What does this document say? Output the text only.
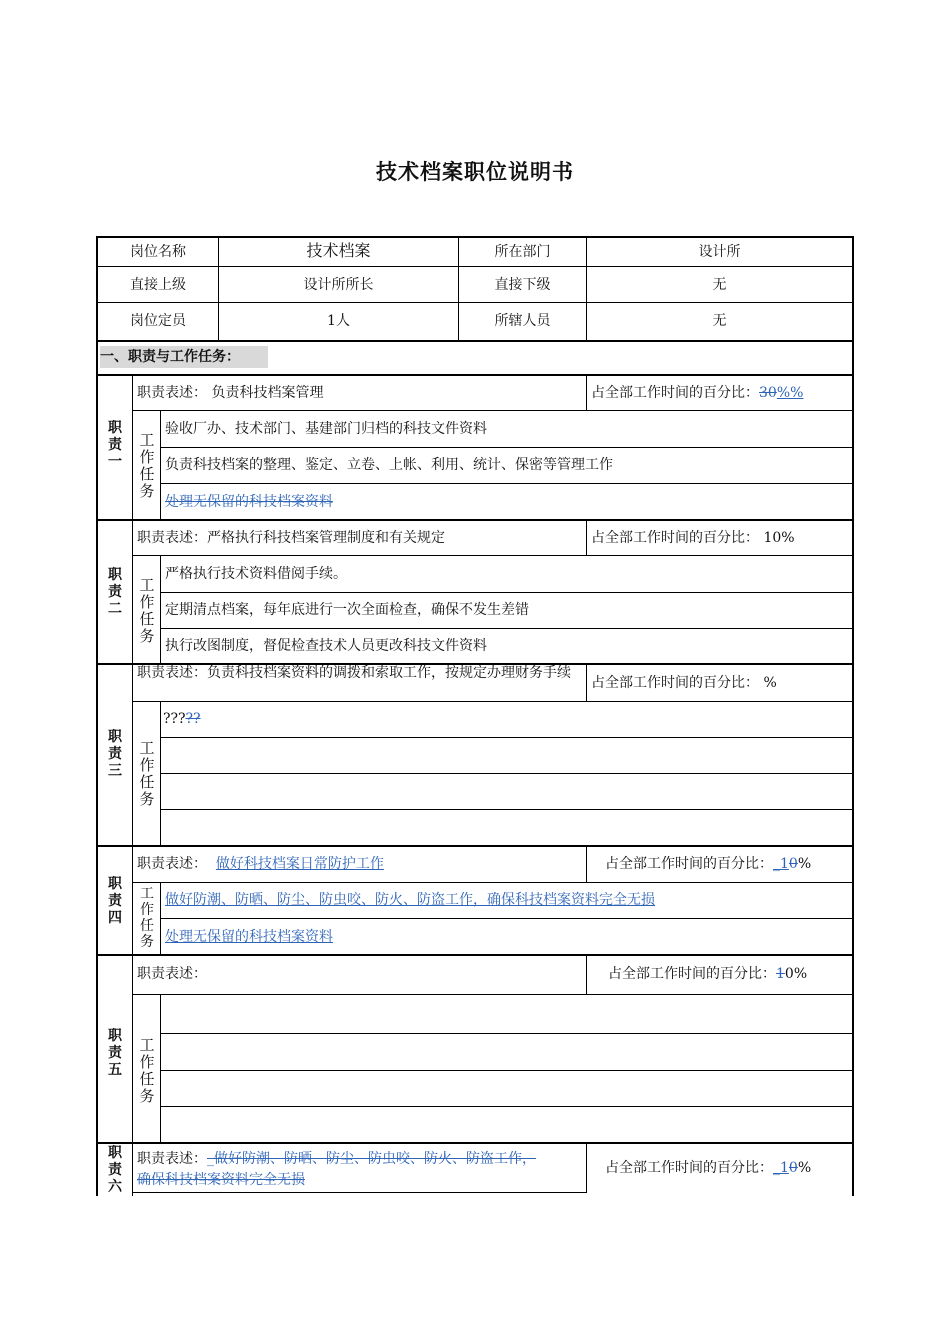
技术档案职位说明书
岗位名称	技术档案	所在部门	设计所
直接上级	设计所所长	直接下级	无
岗位定员	1人	所辖人员	无
一、职责与工作任务：
职
责
一
职责表述： 负责科技档案管理	占全部工作时间的百分比：30%%
工
作
任
务
验收厂办、技术部门、基建部门归档的科技文件资料
负责科技档案的整理、鉴定、立卷、上帐、利用、统计、保密等管理工作
处理无保留的科技档案资料
职
责
二
职责表述：严格执行科技档案管理制度和有关规定	占全部工作时间的百分比： 10%
工
作
任
务
严格执行技术资料借阅手续。
定期清点档案，每年底进行一次全面检查，确保不发生差错
执行改图制度，督促检查技术人员更改科技文件资料
职
责
三
职责表述：负责科技档案资料的调拨和索取工作，按规定办理财务手续
占全部工作时间的百分比： %
工
作
任
务
?????
职
责
四
职责表述： 做好科技档案日常防护工作	占全部工作时间的百分比：_10%
工
作
任
务
做好防潮、防晒、防尘、防虫咬、防火、防盗工作，确保科技档案资料完全无损
处理无保留的科技档案资料
职
责
五
职责表述：	占全部工作时间的百分比：10%
工
作
任
务
职
责
六
职责表述：_做好防潮、防晒、防尘、防虫咬、防火、防盗工作，
确保科技档案资料完全无损
占全部工作时间的百分比：_10%
